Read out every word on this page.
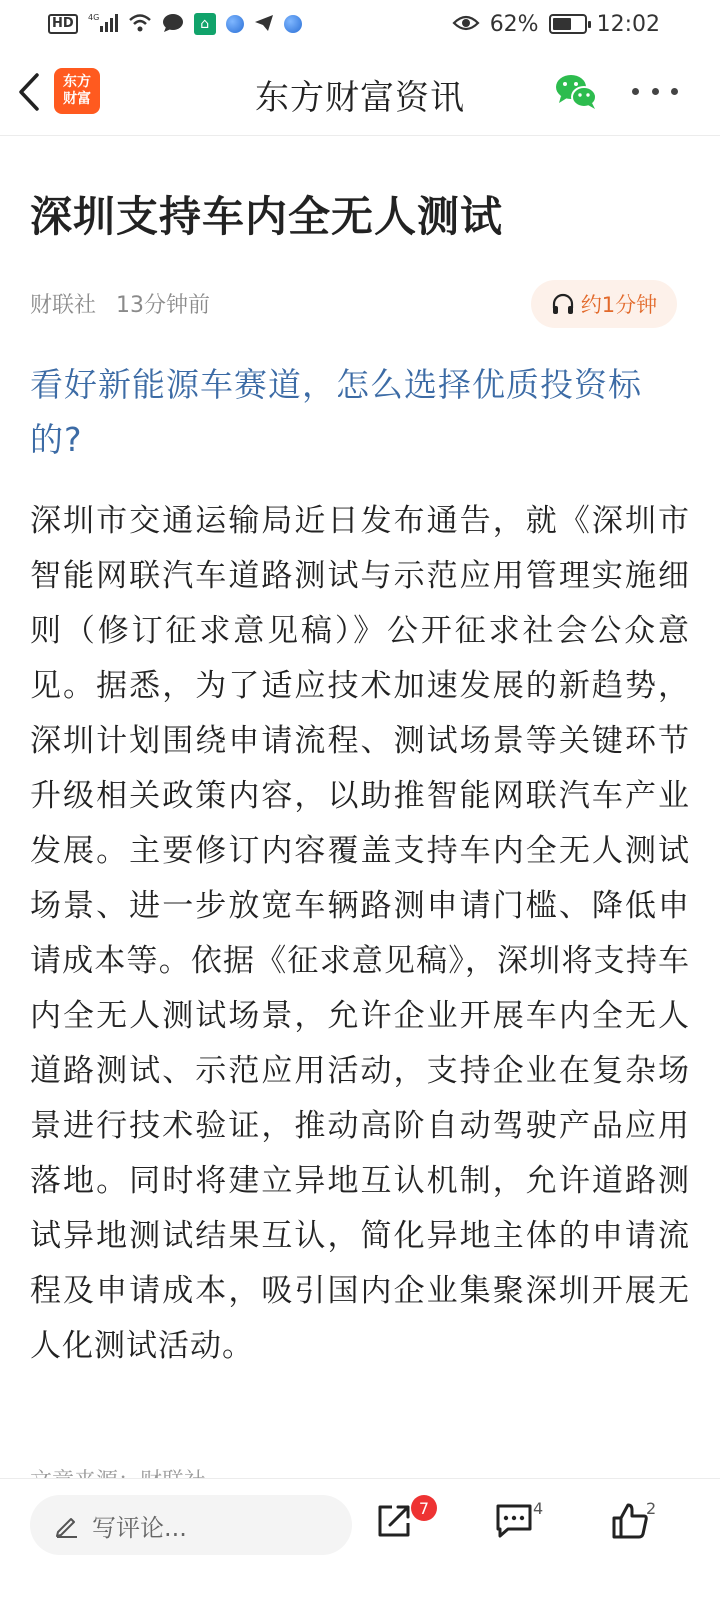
HD	4G	⌂	62%	12:02
东方
财富	东方财富资讯
深圳支持车内全无人测试
财联社 13分钟前	约1分钟
看好新能源车赛道，怎么选择优质投资标的?
深圳市交通运输局近日发布通告，就《深圳市智能网联汽车道路测试与示范应用管理实施细则（修订征求意见稿）》公开征求社会公众意见。据悉，为了适应技术加速发展的新趋势，深圳计划围绕申请流程、测试场景等关键环节升级相关政策内容，以助推智能网联汽车产业发展。主要修订内容覆盖支持车内全无人测试场景、进一步放宽车辆路测申请门槛、降低申请成本等。依据《征求意见稿》，深圳将支持车内全无人测试场景，允许企业开展车内全无人道路测试、示范应用活动，支持企业在复杂场景进行技术验证，推动高阶自动驾驶产品应用落地。同时将建立异地互认机制，允许道路测试异地测试结果互认，简化异地主体的申请流程及申请成本，吸引国内企业集聚深圳开展无人化测试活动。
写评论...
7	4	2
